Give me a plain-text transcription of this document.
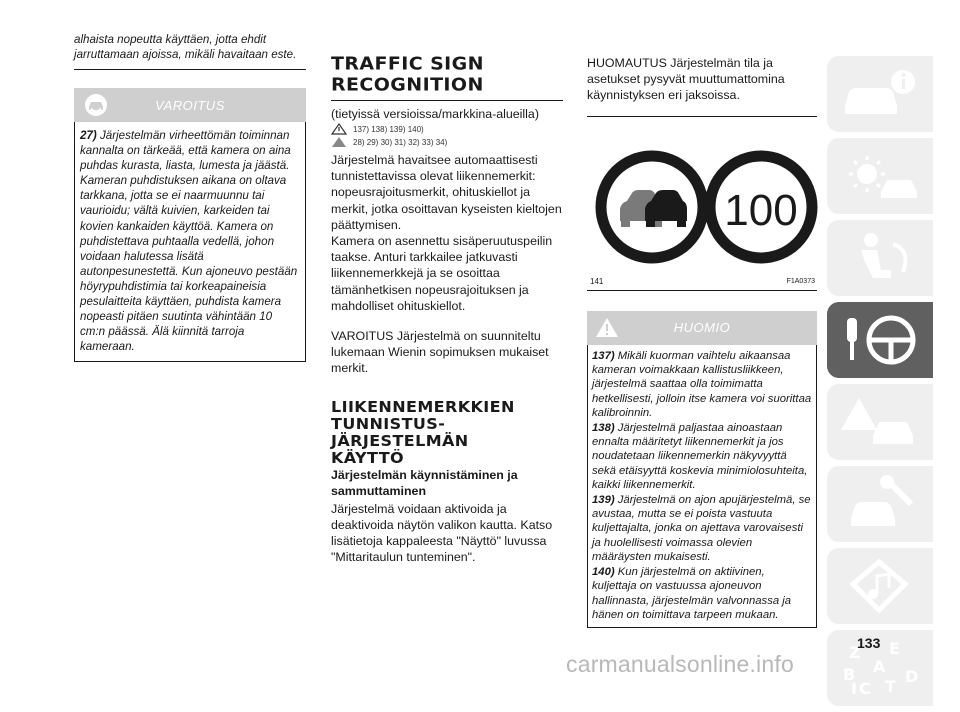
alhaista nopeutta käyttäen, jotta ehdit jarruttamaan ajoissa, mikäli havaitaan este.

VAROITUS
27) Järjestelmän virheettömän toiminnan kannalta on tärkeää, että kamera on aina puhdas kurasta, liasta, lumesta ja jäästä. Kameran puhdistuksen aikana on oltava tarkkana, jotta se ei naarmuunnu tai vaurioidu; vältä kuivien, karkeiden tai kovien kankaiden käyttöä. Kamera on puhdistettava puhtaalla vedellä, johon voidaan halutessa lisätä autonpesunestettä. Kun ajoneuvo pestään höyrypuhdistimia tai korkeapaineisia pesulaitteita käyttäen, puhdista kamera nopeasti pitäen suutinta vähintään 10 cm:n päässä. Älä kiinnitä tarroja kameraan.
TRAFFIC SIGN
RECOGNITION

(tietyissä versioissa/markkina-alueilla)

137) 138) 139) 140)
28) 29) 30) 31) 32) 33) 34)

Järjestelmä havaitsee automaattisesti tunnistettavissa olevat liikennemerkit: nopeusrajoitusmerkit, ohituskiellot ja merkit, jotka osoittavan kyseisten kieltojen päättymisen.

Kamera on asennettu sisäperuutuspeilin taakse. Anturi tarkkailee jatkuvasti liikennemerkkejä ja se osoittaa tämänhetkisen nopeusrajoituksen ja mahdolliset ohituskiellot.

VAROITUS Järjestelmä on suunniteltu lukemaan Wienin sopimuksen mukaiset merkit.

LIIKENNEMERKKIEN
TUNNISTUS-
JÄRJESTELMÄN
KÄYTTÖ

Järjestelmän käynnistäminen ja sammuttaminen

Järjestelmä voidaan aktivoida ja deaktivoida näytön valikon kautta. Katso lisätietoja kappaleesta "Näyttö" luvussa "Mittaritaulun tunteminen".

HUOMAUTUS Järjestelmän tila ja asetukset pysyvät muuttumattomina käynnistyksen eri jaksoissa.

100
141	F1A0373
HUOMIO

137) Mikäli kuorman vaihtelu aikaansaa kameran voimakkaan kallistusliikkeen, järjestelmä saattaa olla toimimatta hetkellisesti, jolloin itse kamera voi suorittaa kalibroinnin.

138) Järjestelmä paljastaa ainoastaan ennalta määritetyt liikennemerkit ja jos noudatetaan liikennemerkin näkyvyyttä sekä etäisyyttä koskevia minimiolosuhteita, kaikki liikennemerkit.

139) Järjestelmä on ajon apujärjestelmä, se avustaa, mutta se ei poista vastuuta kuljettajalta, jonka on ajettava varovaisesti ja huolellisesti voimassa olevien määräysten mukaisesti.

140) Kun järjestelmä on aktiivinen, kuljettaja on vastuussa ajoneuvon hallinnasta, järjestelmän valvonnassa ja hänen on toimittava tarpeen mukaan.

Z E
A
B
C T
D
I
133
carmanualsonline.info
